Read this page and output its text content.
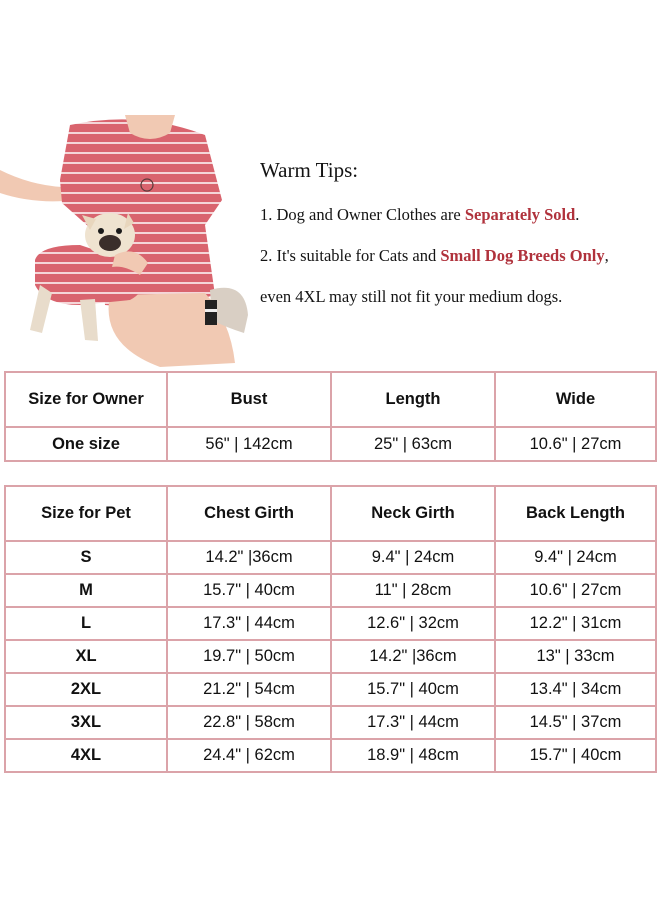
Warm Tips:
1. Dog and Owner Clothes are Separately Sold.
2. It's suitable for Cats and Small Dog Breeds Only,
even 4XL may still not fit your medium dogs.
Size for Owner	Bust	Length	Wide
One size	56" | 142cm	25" | 63cm	10.6" | 27cm
Size for Pet	Chest Girth	Neck Girth	Back Length
S	14.2" |36cm	9.4" | 24cm	9.4" | 24cm
M	15.7" | 40cm	11" | 28cm	10.6" | 27cm
L	17.3" | 44cm	12.6" | 32cm	12.2" | 31cm
XL	19.7" | 50cm	14.2" |36cm	13" | 33cm
2XL	21.2" | 54cm	15.7" | 40cm	13.4" | 34cm
3XL	22.8" | 58cm	17.3" | 44cm	14.5" | 37cm
4XL	24.4" | 62cm	18.9" | 48cm	15.7" | 40cm
